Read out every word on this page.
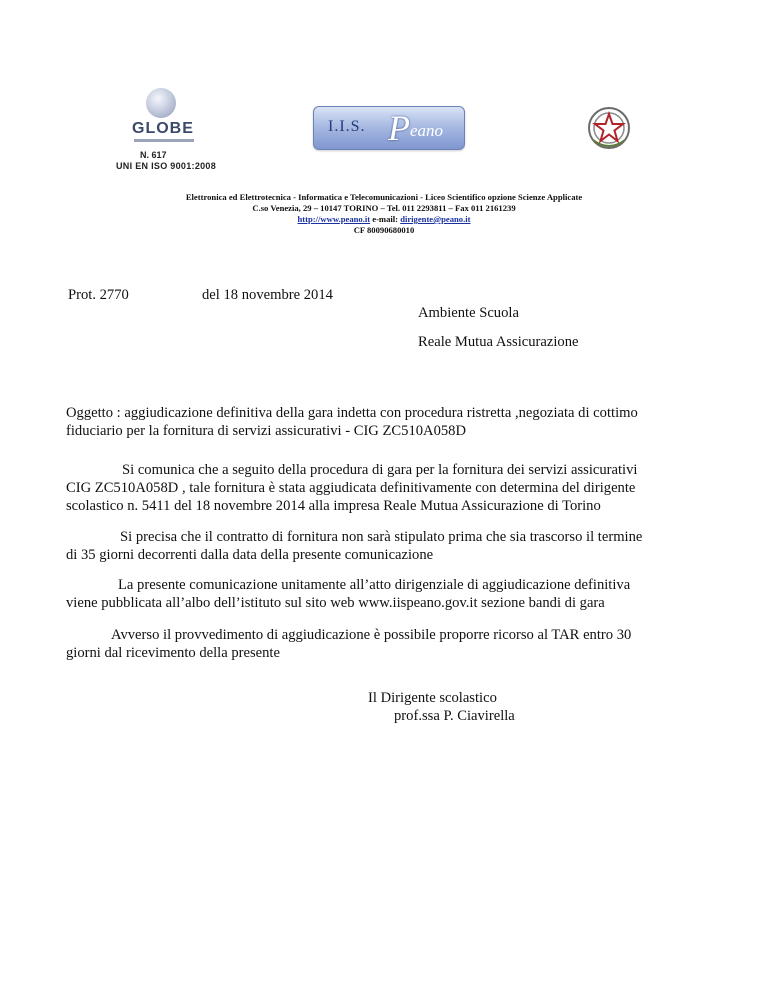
GLOBE
N. 617
UNI EN ISO 9001:2008
I.I.S. P eano
Elettronica ed Elettrotecnica - Informatica e Telecomunicazioni - Liceo Scientifico opzione Scienze Applicate
C.so Venezia, 29 – 10147 TORINO – Tel. 011 2293811 – Fax 011 2161239
http://www.peano.it e-mail: dirigente@peano.it
CF 80090680010
Prot. 2770	del 18 novembre 2014
Ambiente Scuola
Reale Mutua Assicurazione
Oggetto : aggiudicazione definitiva della gara indetta con procedura ristretta ,negoziata di cottimo
fiduciario per la fornitura di servizi assicurativi - CIG ZC510A058D
Si comunica che a seguito della procedura di gara per la fornitura dei servizi assicurativi
CIG ZC510A058D , tale fornitura è stata aggiudicata definitivamente con determina del dirigente
scolastico n. 5411 del 18 novembre 2014 alla impresa Reale Mutua Assicurazione di Torino
Si precisa che il contratto di fornitura non sarà stipulato prima che sia trascorso il termine
di 35 giorni decorrenti dalla data della presente comunicazione
La presente comunicazione unitamente all’atto dirigenziale di aggiudicazione definitiva
viene pubblicata all’albo dell’istituto sul sito web www.iispeano.gov.it sezione bandi di gara
Avverso il provvedimento di aggiudicazione è possibile proporre ricorso al TAR entro 30
giorni dal ricevimento della presente
Il Dirigente scolastico
prof.ssa P. Ciavirella
